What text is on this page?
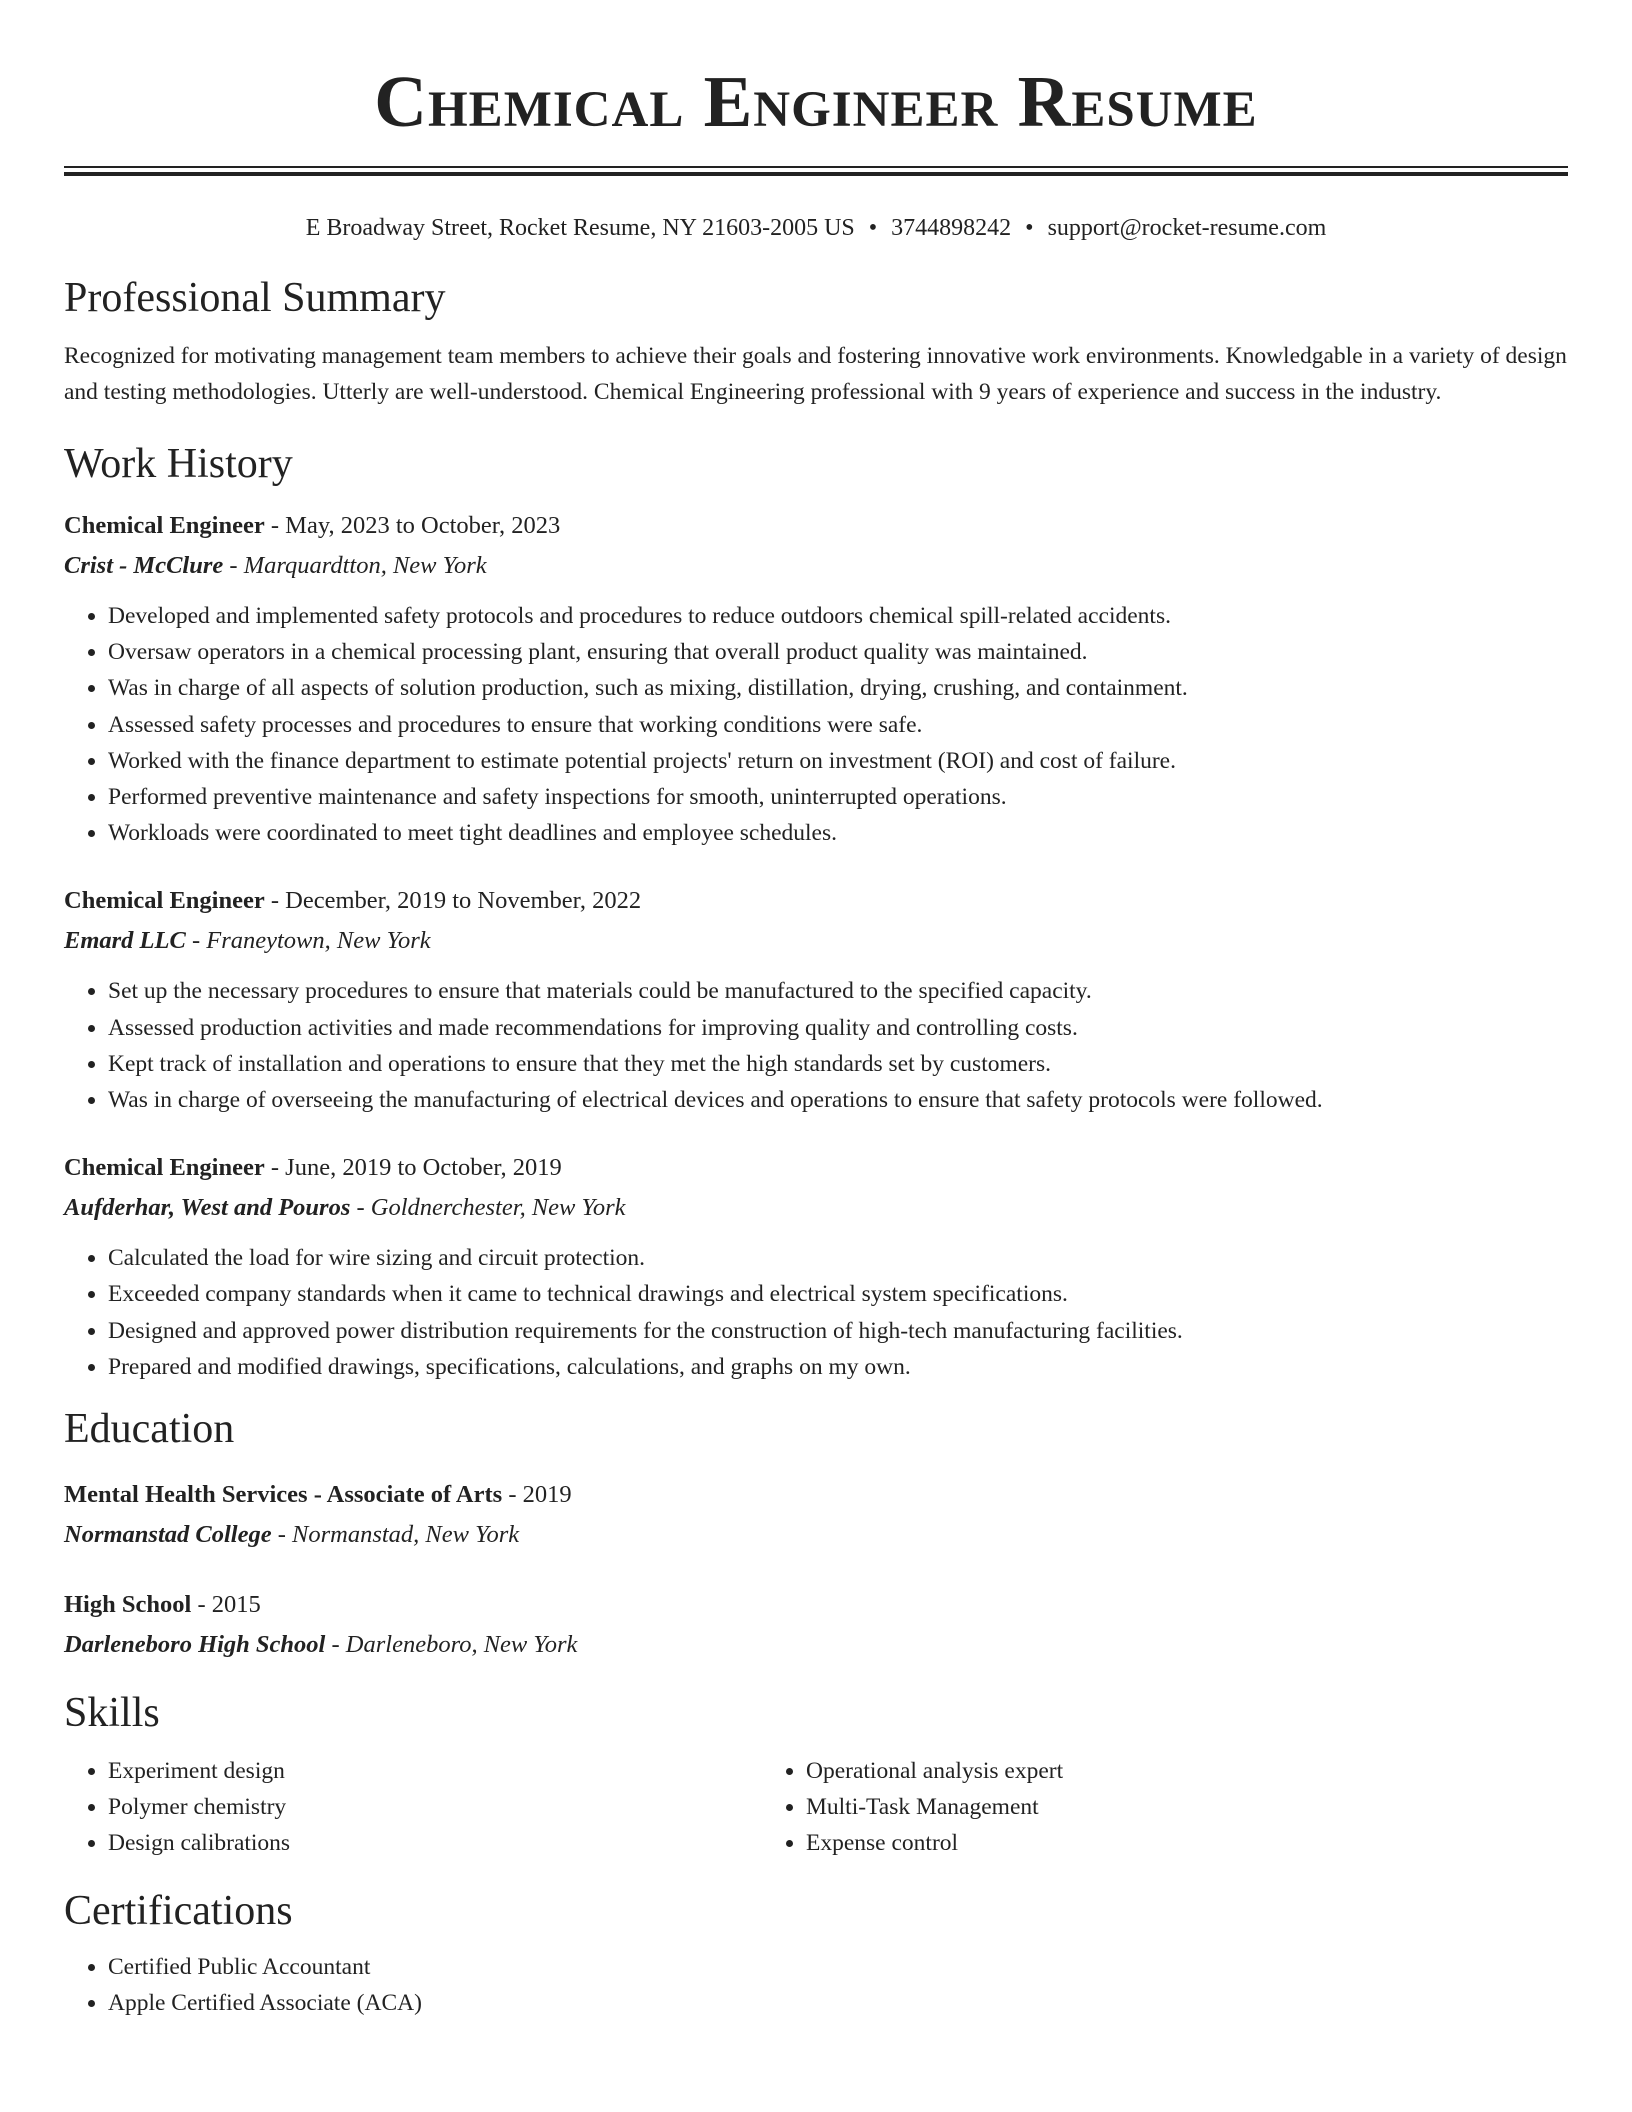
Chemical Engineer Resume
E Broadway Street, Rocket Resume, NY 21603-2005 US • 3744898242 • support@rocket-resume.com
Professional Summary

Recognized for motivating management team members to achieve their goals and fostering innovative work environments. Knowledgable in a variety of design and testing methodologies. Utterly are well-understood. Chemical Engineering professional with 9 years of experience and success in the industry.

Work History
Chemical Engineer - May, 2023 to October, 2023
Crist - McClure - Marquardtton, New York
• Developed and implemented safety protocols and procedures to reduce outdoors chemical spill-related accidents.
• Oversaw operators in a chemical processing plant, ensuring that overall product quality was maintained.
• Was in charge of all aspects of solution production, such as mixing, distillation, drying, crushing, and containment.
• Assessed safety processes and procedures to ensure that working conditions were safe.
• Worked with the finance department to estimate potential projects' return on investment (ROI) and cost of failure.
• Performed preventive maintenance and safety inspections for smooth, uninterrupted operations.
• Workloads were coordinated to meet tight deadlines and employee schedules.
Chemical Engineer - December, 2019 to November, 2022
Emard LLC - Franeytown, New York
• Set up the necessary procedures to ensure that materials could be manufactured to the specified capacity.
• Assessed production activities and made recommendations for improving quality and controlling costs.
• Kept track of installation and operations to ensure that they met the high standards set by customers.
• Was in charge of overseeing the manufacturing of electrical devices and operations to ensure that safety protocols were followed.
Chemical Engineer - June, 2019 to October, 2019
Aufderhar, West and Pouros - Goldnerchester, New York
• Calculated the load for wire sizing and circuit protection.
• Exceeded company standards when it came to technical drawings and electrical system specifications.
• Designed and approved power distribution requirements for the construction of high-tech manufacturing facilities.
• Prepared and modified drawings, specifications, calculations, and graphs on my own.
Education
Mental Health Services - Associate of Arts - 2019
Normanstad College - Normanstad, New York
High School - 2015
Darleneboro High School - Darleneboro, New York
Skills
• Experiment design
• Polymer chemistry
• Design calibrations
• Operational analysis expert
• Multi-Task Management
• Expense control
Certifications
• Certified Public Accountant
• Apple Certified Associate (ACA)
